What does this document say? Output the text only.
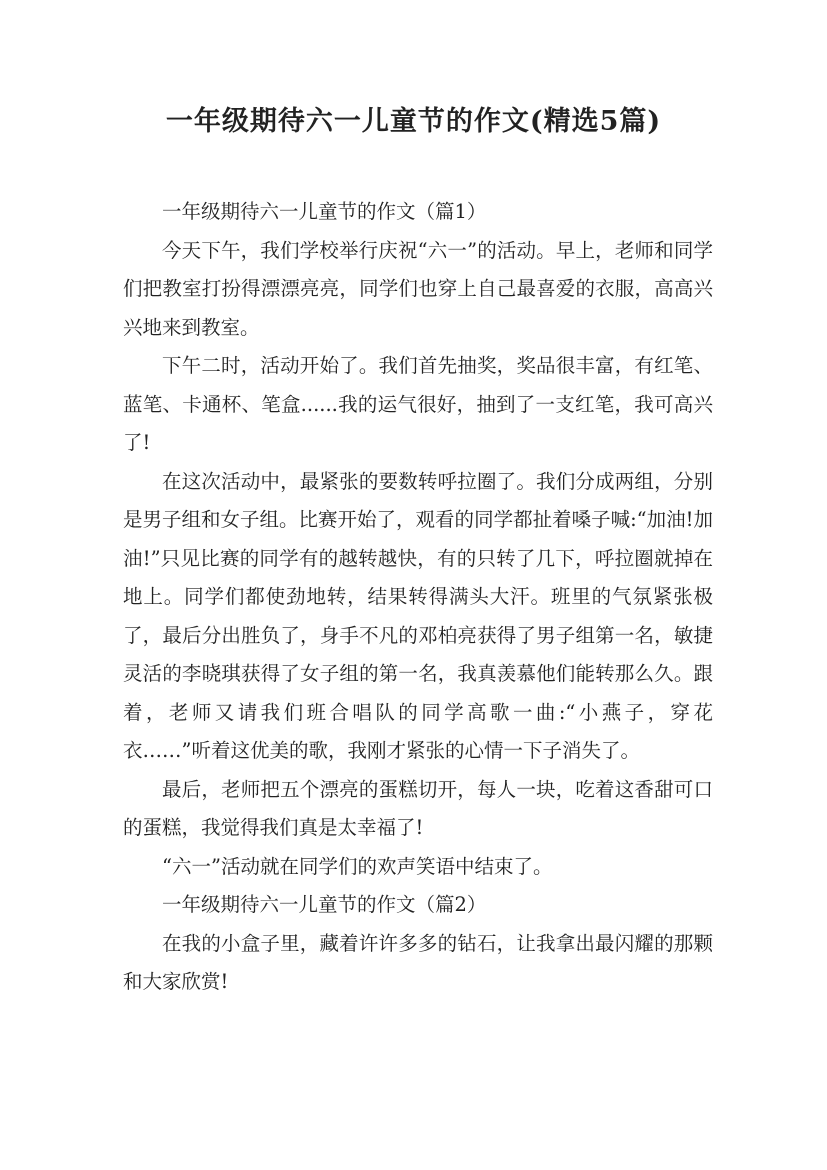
一年级期待六一儿童节的作文(精选5篇)

一年级期待六一儿童节的作文（篇1）

今天下午，我们学校举行庆祝“六一”的活动。早上，老师和同学们把教室打扮得漂漂亮亮，同学们也穿上自己最喜爱的衣服，高高兴兴地来到教室。

下午二时，活动开始了。我们首先抽奖，奖品很丰富，有红笔、蓝笔、卡通杯、笔盒......我的运气很好，抽到了一支红笔，我可高兴了!

在这次活动中，最紧张的要数转呼拉圈了。我们分成两组，分别是男子组和女子组。比赛开始了，观看的同学都扯着嗓子喊:“加油!加油!”只见比赛的同学有的越转越快，有的只转了几下，呼拉圈就掉在地上。同学们都使劲地转，结果转得满头大汗。班里的气氛紧张极了，最后分出胜负了，身手不凡的邓柏亮获得了男子组第一名，敏捷灵活的李晓琪获得了女子组的第一名，我真羡慕他们能转那么久。跟着，老师又请我们班合唱队的同学高歌一曲:“小燕子，穿花衣……”听着这优美的歌，我刚才紧张的心情一下子消失了。

最后，老师把五个漂亮的蛋糕切开，每人一块，吃着这香甜可口的蛋糕，我觉得我们真是太幸福了!

“六一”活动就在同学们的欢声笑语中结束了。

一年级期待六一儿童节的作文（篇2）

在我的小盒子里，藏着许许多多的钻石，让我拿出最闪耀的那颗和大家欣赏!
